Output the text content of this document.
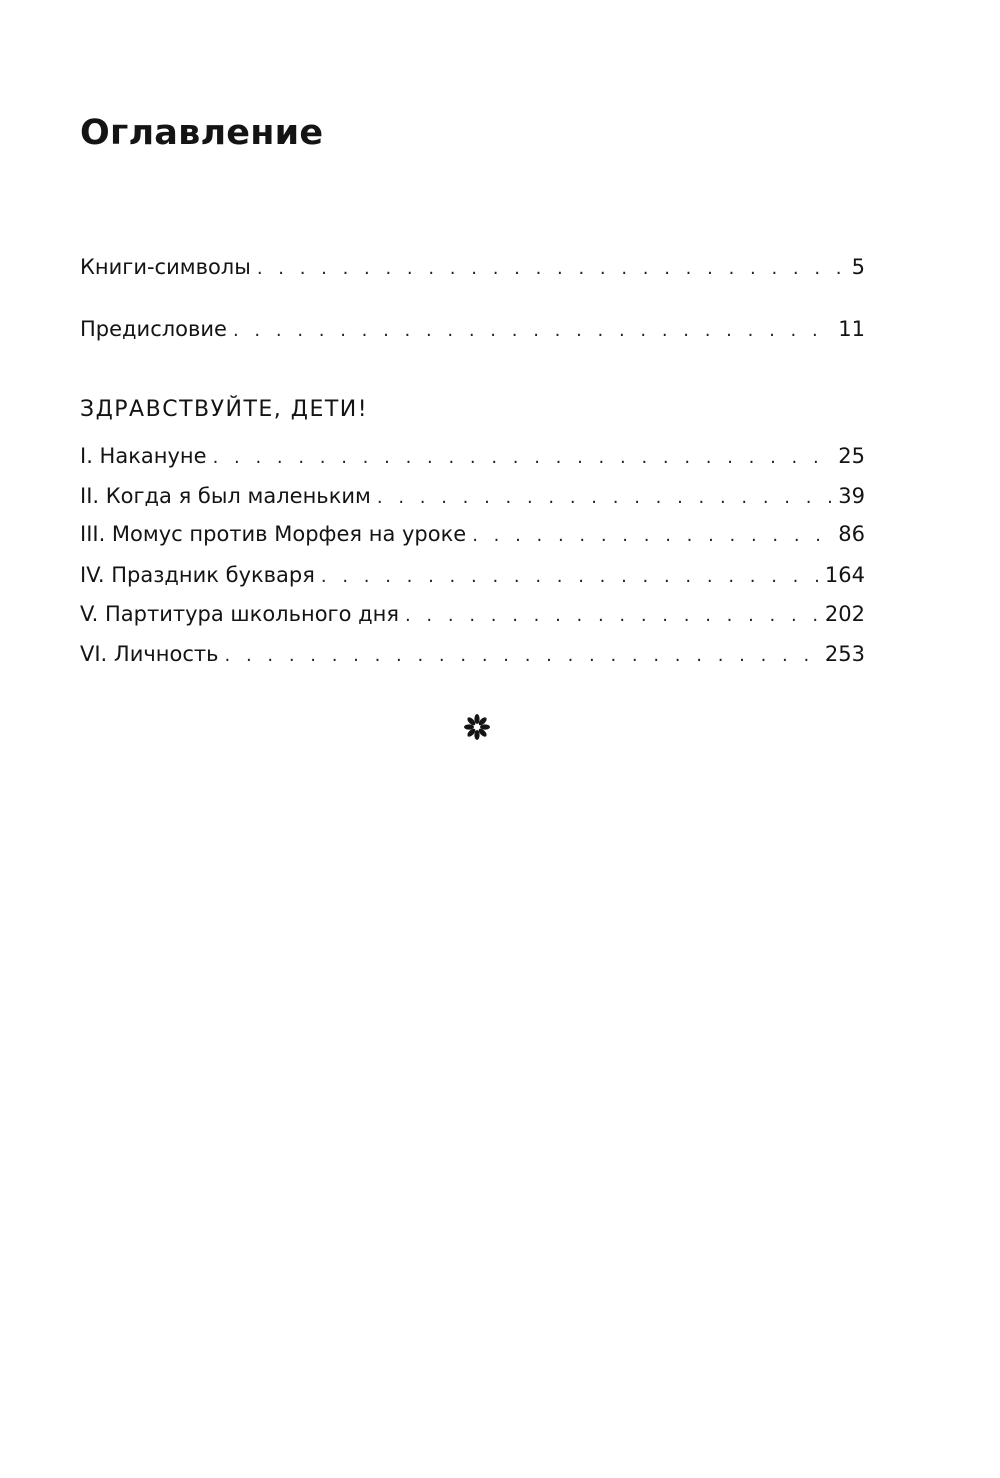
Оглавление
Книги-символы . . .	5
Предисловие . . .	11
ЗДРАВСТВУЙТЕ, ДЕТИ!
I. Накануне . . .	25
II. Когда я был маленьким . . .	39
III. Момус против Морфея на уроке . . .	86
IV. Праздник букваря . . .	164
V. Партитура школьного дня . . .	202
VI. Личность . . .	253
